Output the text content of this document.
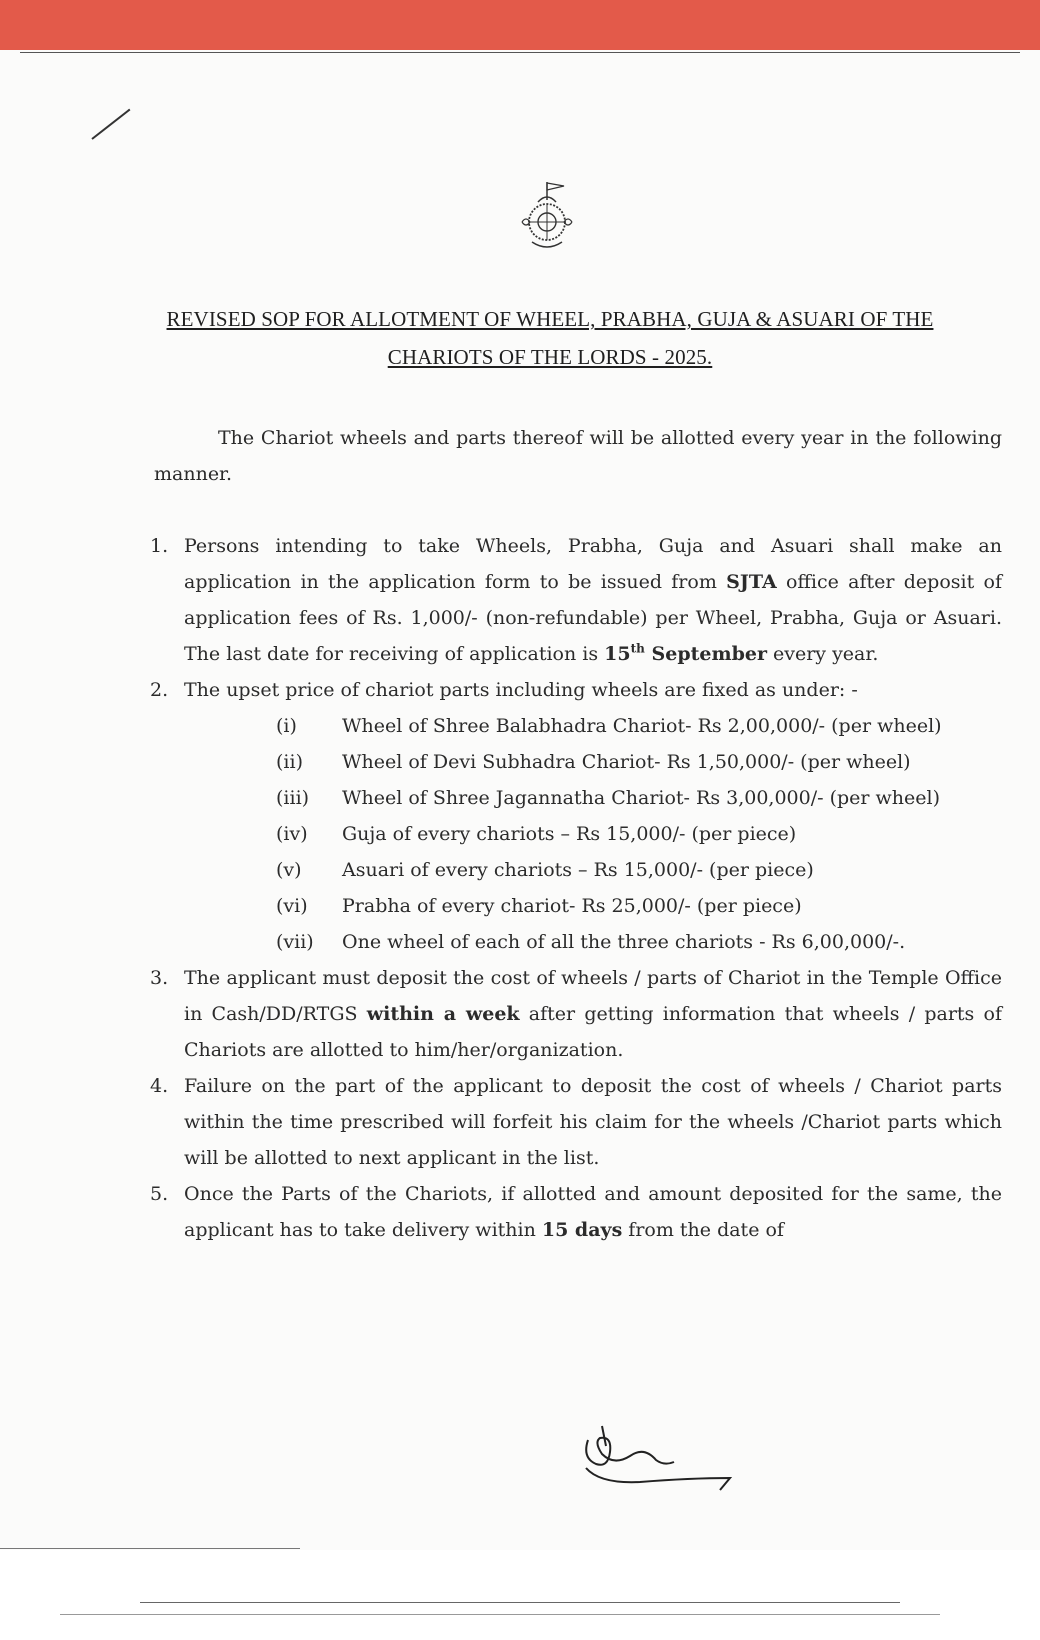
REVISED SOP FOR ALLOTMENT OF WHEEL, PRABHA, GUJA & ASUARI OF THE
CHARIOTS OF THE LORDS - 2025.
The Chariot wheels and parts thereof will be allotted every year in the following manner.
1. Persons intending to take Wheels, Prabha, Guja and Asuari shall make an application in the application form to be issued from SJTA office after deposit of application fees of Rs. 1,000/- (non-refundable) per Wheel, Prabha, Guja or Asuari. The last date for receiving of application is 15th September every year.
2. The upset price of chariot parts including wheels are fixed as under: -
(i) Wheel of Shree Balabhadra Chariot- Rs 2,00,000/- (per wheel)
(ii) Wheel of Devi Subhadra Chariot- Rs 1,50,000/- (per wheel)
(iii) Wheel of Shree Jagannatha Chariot- Rs 3,00,000/- (per wheel)
(iv) Guja of every chariots – Rs 15,000/- (per piece)
(v) Asuari of every chariots – Rs 15,000/- (per piece)
(vi) Prabha of every chariot- Rs 25,000/- (per piece)
(vii) One wheel of each of all the three chariots - Rs 6,00,000/-.
3. The applicant must deposit the cost of wheels / parts of Chariot in the Temple Office in Cash/DD/RTGS within a week after getting information that wheels / parts of Chariots are allotted to him/her/organization.
4. Failure on the part of the applicant to deposit the cost of wheels / Chariot parts within the time prescribed will forfeit his claim for the wheels /Chariot parts which will be allotted to next applicant in the list.
5. Once the Parts of the Chariots, if allotted and amount deposited for the same, the applicant has to take delivery within 15 days from the date of
